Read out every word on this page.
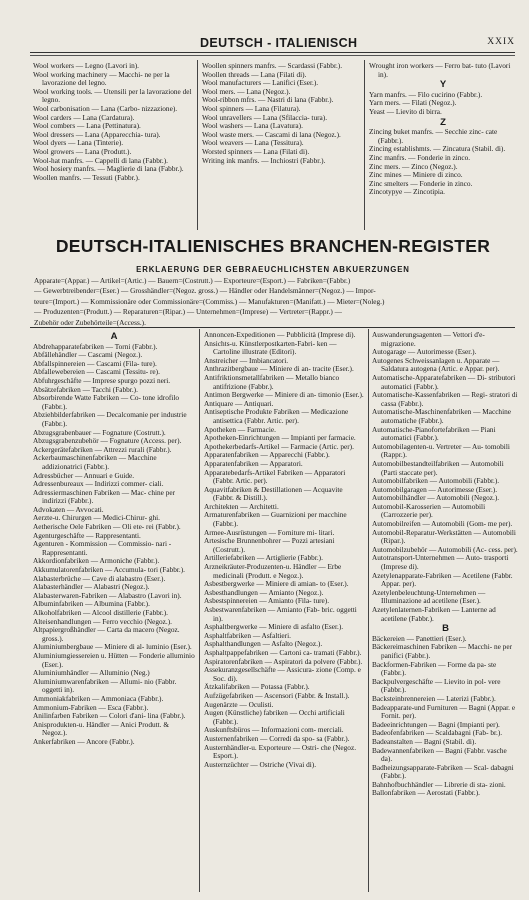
DEUTSCH - ITALIENISCH	XXIX

Wool workers — Legno (Lavori in).

Wool working machinery — Macchi- ne per la lavorazione del legno.

Wool working tools. — Utensili per la lavorazione del legno.

Wool carbonisation — Lana (Carbo- nizzazione).

Wool carders — Lana (Cardatura).

Wool combers — Lana (Pettinatura).

Wool dressers — Lana (Apparecchia- tura).

Wool dyers — Lana (Tinterie).

Wool growers — Lana (Produtt.).

Wool-hat manfrs. — Cappelli di lana (Fabbr.).

Wool hosiery manfrs. — Maglierie di lana (Fabbr.).

Woollen manfrs. — Tessuti (Fabbr.).

Woollen spinners manfrs. — Scardassi (Fabbr.).

Woollen threads — Lana (Filati di).

Wool manufacturers — Lanifici (Eser.).

Wool mers. — Lana (Negoz.).

Wool-ribbon mfrs. — Nastri di lana (Fabbr.).

Wool spinners — Lana (Filatura).

Wool unravellers — Lana (Sfilaccia- tura).

Wool washers — Lana (Lavatura).

Wool waste mers. — Cascami di lana (Negoz.).

Wool weavers — Lana (Tessitura).

Worsted spinners — Lana (Filati di).

Writing ink manfrs. — Inchiostri (Fabbr.).

Wrought iron workers — Ferro bat- tuto (Lavori in).

Y

Yarn manfrs. — Filo cucirino (Fabbr.).

Yarn mers. — Filati (Negoz.).

Yeast — Lievito di birra.

Z

Zincing buket manfrs. — Secchie zinc- cate (Fabbr.).

Zincing establishmts. — Zincatura (Stabil. di).

Zinc manfrs. — Fonderie in zinco.

Zinc mers. — Zinco (Negoz.).

Zinc mines — Miniere di zinco.

Zinc smelters — Fonderie in zinco.

Zincotypye — Zincotipia.

DEUTSCH-ITALIENISCHES BRANCHEN-REGISTER
ERKLAERUNG DER GEBRAEUCHLICHSTEN ABKUERZUNGEN

Apparate=(Appar.) — Artikel=(Artic.) — Bauern=(Costrutt.) — Exporteure=(Esport.) — Fabriken=(Fabbr.)

— Gewerbtreibender=(Eser.) — Grosshändler=(Negoz. gross.) — Händler oder Handelsmänner=(Negoz.) — Impor-

teure=(Import.) — Kommissionäre oder Commissionäre=(Commiss.) — Manufakturen=(Manifatt.) — Mieter=(Noleg.)

— Produzenten=(Produtt.) — Reparaturen=(Ripar.) — Unternehmen=(Imprese) — Vertreter=(Rappr.) —

Zubehör oder Zubehörteile=(Access.).

A

Abdrehapparatefabriken — Torni (Fabbr.).

Abfällehändler — Cascami (Negoz.).

Abfallspinnereien — Cascami (Fila- ture).

Abfallewebereien — Cascami (Tessitu- re).

Abfuhrgeschäfte — Imprese spurgo pozzi neri.

Absätzefabriken — Tacchi (Fabbr.).

Absorbirende Watte Fabriken — Co- tone idrofilo (Fabbr.).

Abziehbilderfabriken — Decalcomanie per industrie (Fabbr.).

Abzugsgrabenbauer — Fognature (Costrutt.).

Abzugsgrabenzubehör — Fognature (Access. per).

Ackergerätefabriken — Attrezzi rurali (Fabbr.).

Ackerbaumaschinenfabriken — Macchine addizionatrici (Fabbr.).

Adressbücher — Annuari e Guide.

Adressenbureaux — Indirizzi commer- ciali.

Adressiermaschinen Fabriken — Mac- chine per indirizzi (Fabbr.).

Advokaten — Avvocati.

Aerzte-u. Chirurgen — Medici-Chirur- ghi.

Aetherische Oele Fabriken — Oli ete- rei (Fabbr.).

Agenturgeschäfte — Rappresentanti.

Agenturen - Kommission — Commissio- nari - Rappresentanti.

Akkordionfabriken — Armoniche (Fabbr.).

Akkumulatorenfabriken — Accumula- tori (Fabbr.).

Alabasterbrüche — Cave di alabastro (Eser.).

Alabasterhändler — Alabastri (Negoz.).

Alabasterwaren-Fabriken — Alabastro (Lavori in).

Albuminfabriken — Albumina (Fabbr.).

Alkoholfabriken — Alcool distillerie (Fabbr.).

Alteisenhandlungen — Ferro vecchio (Negoz.).

Altpapiergroßhändler — Carta da macero (Negoz. gross.).

Aluminiumbergbaue — Miniere di al- luminio (Eser.).

Aluminiumgiessereien u. Hütten — Fonderie alluminio (Eser.).

Aluminiumhändler — Alluminio (Neg.)

Aluminiumwarenfabriken — Allumi- nio (Fabbr. oggetti in).

Ammoniakfabriken — Ammoniaca (Fabbr.).

Ammonium-Fabriken — Esca (Fabbr.).

Anilinfarben Fabriken — Colori d'ani- lina (Fabbr.).

Anisprodukten-u. Händler — Anici Produtt. & Negoz.).

Ankerfabriken — Ancore (Fabbr.).

Annoncen-Expeditionen — Pubblicità (Imprese di).

Ansichts-u. Künstlerpostkarten-Fabri- ken — Cartoline illustrate (Editori).

Anstreicher — Imbiancatori.

Anthrazitbergbaue — Miniere di an- tracite (Eser.).

Antifriktionsmetallfabriken — Metallo bianco antifrizione (Fabbr.).

Antimon Bergwerke — Miniere di an- timonio (Eser.).

Antiquare — Antiquari.

Antiseptische Produkte Fabriken — Medicazione antisettica (Fabbr. Artic. per).

Apotheken — Farmacie.

Apotheken-Einrichtungen — Impianti per farmacie.

Apothekerbedarfs-Artikel — Farmacie (Artic. per).

Apparatenfabriken — Apparecchi (Fabbr.).

Apparatenfabriken — Apparatori.

Apparatebedarfs-Artikel Fabriken — Apparatori (Fabbr. Artic. per).

Aquavitfabriken & Destillationen — Acquavite (Fabbr. & Distill.).

Architekten — Architetti.

Armaturenfabriken — Guarnizioni per macchine (Fabbr.).

Armee-Ausrüstungen — Forniture mi- litari.

Artesische Brunnenbohrer — Pozzi artesiani (Costrutt.).

Artilleriefabriken — Artiglierie (Fabbr.).

Arzneikräuter-Produzenten-u. Händler — Erbe medicinali (Produtt. e Negoz.).

Asbestbergwerke — Miniere di amian- to (Eser.).

Asbesthandlungen — Amianto (Negoz.).

Asbestspinnereien — Amianto (Fila- ture).

Asbestwarenfabriken — Amianto (Fab- bric. oggetti in).

Asphaltbergwerke — Miniere di asfalto (Eser.).

Asphaltfabriken — Asfaltieri.

Asphalthandlungen — Asfalto (Negoz.).

Asphaltpappefabriken — Cartoni ca- tramati (Fabbr.).

Aspiratorenfabriken — Aspiratori da polvere (Fabbr.).

Assekuranzgesellschäfte — Assicura- zione (Comp. e Soc. di).

Ätzkalifabriken — Potassa (Fabbr.).

Aufzügefabriken — Ascensori (Fabbr. & Install.).

Augenärzte — Oculisti.

Augen (Künstliche) fabriken — Occhi artificiali (Fabbr.).

Auskunftsbüros — Informazioni com- merciali.

Austernenfabriken — Corredi da spo- sa (Fabbr.).

Austernhändler-u. Exporteure — Ostri- che (Negoz. Esport.).

Austernzüchter — Ostriche (Vivai di).

Auswanderungsagenten — Vettori d'e- migrazione.

Autogarage — Autorimesse (Eser.).

Autogenes Schweissanlagen u. Apparate — Saldatura autogena (Artic. e Appar. per).

Automatische-Apparatefabriken — Di- stributori automatici (Fabbr.).

Automatische-Kassenfabriken — Regi- stratori di cassa (Fabbr.).

Automatische-Maschinenfabriken — Macchine automatiche (Fabbr.).

Automatische-Pianofortefabriken — Piani automatici (Fabbr.).

Automobilagenten-u. Vertreter — Au- tomobili (Rappr.).

Automobilbestandteilfabriken — Automobili (Parti staccate per).

Automobilfabriken — Automobili (Fabbr.).

Automobilgaragen — Autorimesse (Eser.).

Automobilhändler — Automobili (Negoz.).

Automobil-Karosserien — Automobili (Carrozzerie per).

Automobilreifen — Automobili (Gom- me per).

Automobil-Reparatur-Werkstätten — Automobili (Ripar.).

Automobilzubehör — Automobili (Ac- cess. per).

Autotransport-Unternehmen — Auto- trasporti (Imprese di).

Azetylenapparate-Fabriken — Acetilene (Fabbr. Appar. per).

Azetylenbeleuchtung-Unternehmen — Illuminazione ad acetilene (Eser.).

Azetylenlaternen-Fabriken — Lanterne ad acetilene (Fabbr.).

B

Bäckereien — Panettieri (Eser.).

Bäckereimaschinen Fabriken — Macchi- ne per panifici (Fabbr.).

Backformen-Fabriken — Forme da pa- ste (Fabbr.).

Backpulvergeschäfte — Lievito in pol- vere (Fabbr.).

Backsteinbrennereien — Laterizi (Fabbr.).

Badeapparate-und Furnituren — Bagni (Appar. e Fornit. per).

Badeeinrichtungen — Bagni (Impianti per).

Badeofenfabriken — Scaldabagni (Fab- br.).

Badeanstalten — Bagni (Stabil. di).

Badewannenfabriken — Bagni (Fabbr. vasche da).

Badheizungsapparate-Fabriken — Scal- dabagni (Fabbr.).

Bahnhofbuchhändler — Librerie di sta- zioni.

Ballonfabriken — Aerostati (Fabbr.).
